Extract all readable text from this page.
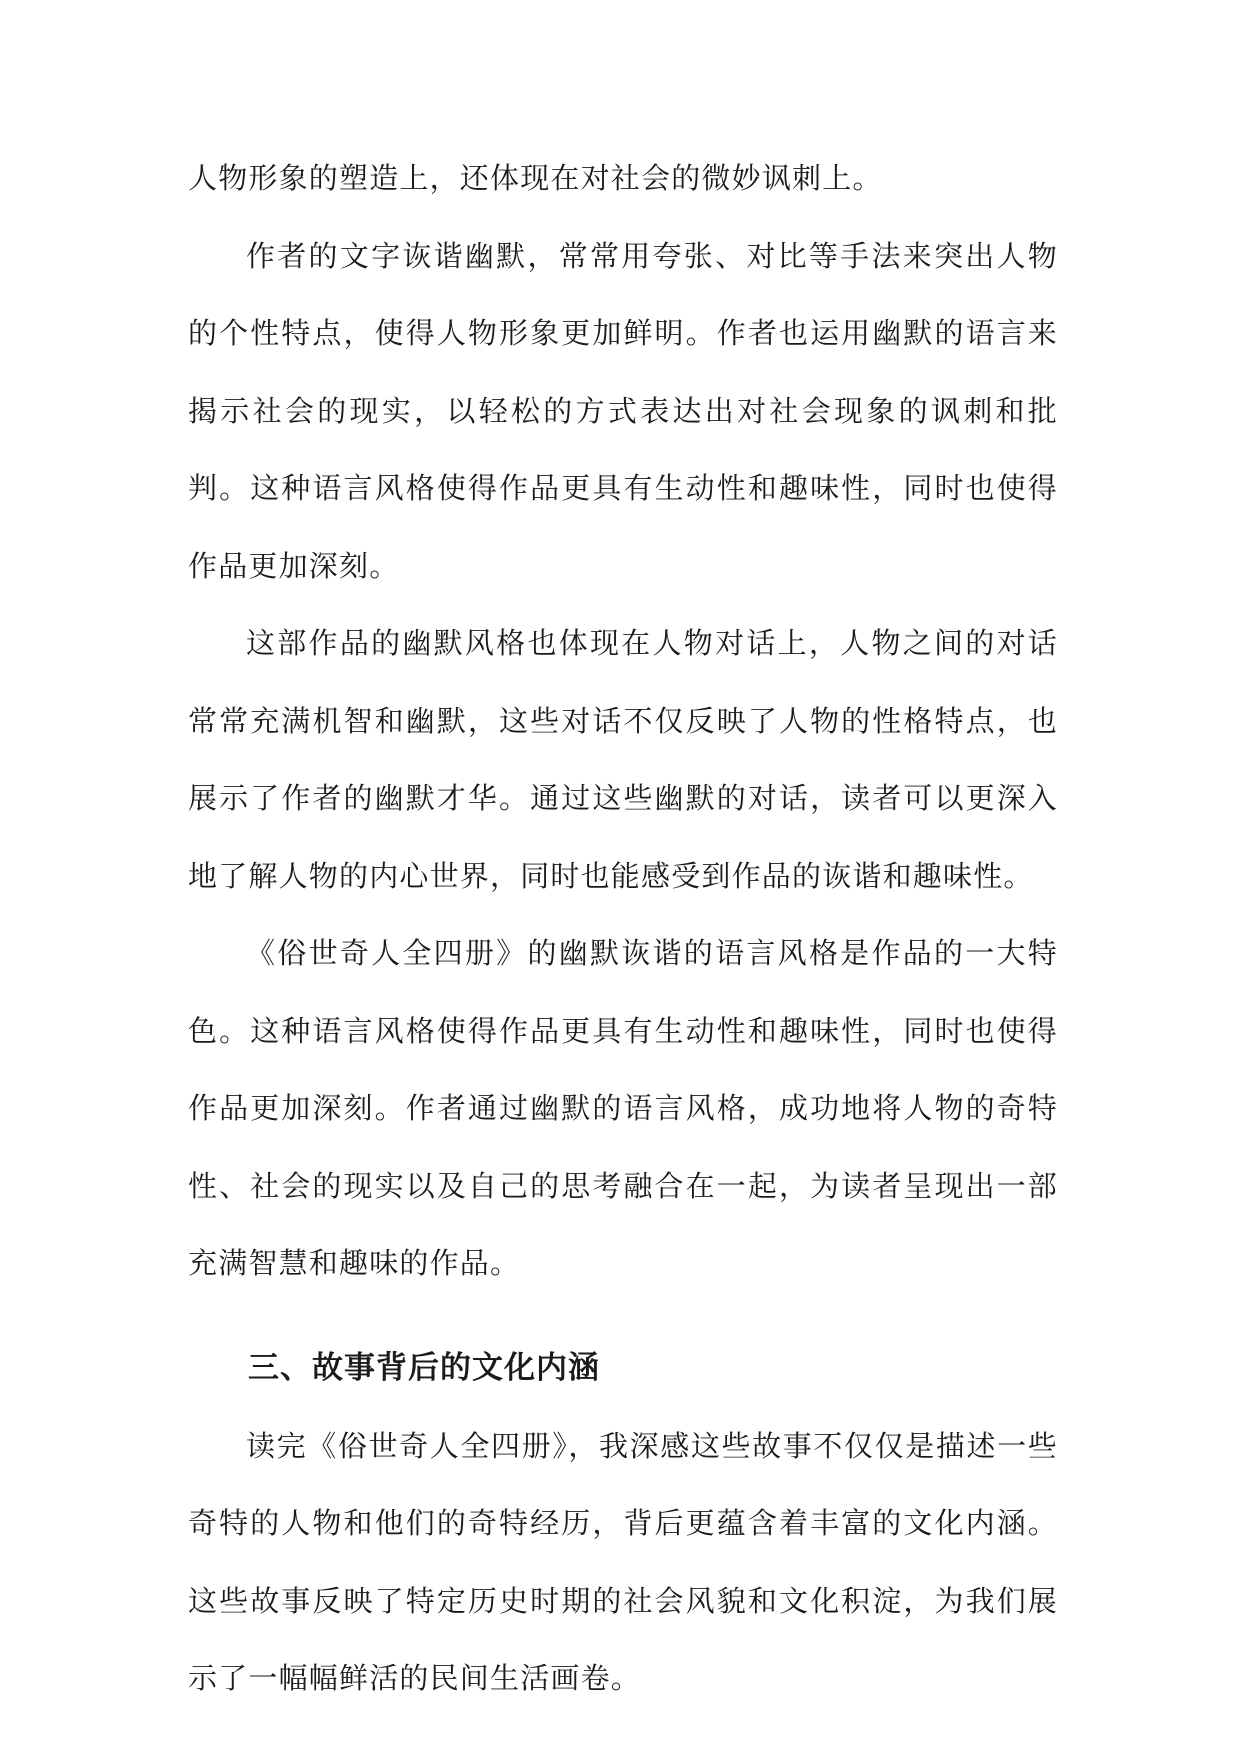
人物形象的塑造上，还体现在对社会的微妙讽刺上。

作者的文字诙谐幽默，常常用夸张、对比等手法来突出人物的个性特点，使得人物形象更加鲜明。作者也运用幽默的语言来揭示社会的现实，以轻松的方式表达出对社会现象的讽刺和批判。这种语言风格使得作品更具有生动性和趣味性，同时也使得作品更加深刻。

这部作品的幽默风格也体现在人物对话上，人物之间的对话常常充满机智和幽默，这些对话不仅反映了人物的性格特点，也展示了作者的幽默才华。通过这些幽默的对话，读者可以更深入地了解人物的内心世界，同时也能感受到作品的诙谐和趣味性。

《俗世奇人全四册》的幽默诙谐的语言风格是作品的一大特色。这种语言风格使得作品更具有生动性和趣味性，同时也使得作品更加深刻。作者通过幽默的语言风格，成功地将人物的奇特性、社会的现实以及自己的思考融合在一起，为读者呈现出一部充满智慧和趣味的作品。

三、故事背后的文化内涵

读完《俗世奇人全四册》，我深感这些故事不仅仅是描述一些奇特的人物和他们的奇特经历，背后更蕴含着丰富的文化内涵。这些故事反映了特定历史时期的社会风貌和文化积淀，为我们展示了一幅幅鲜活的民间生活画卷。
